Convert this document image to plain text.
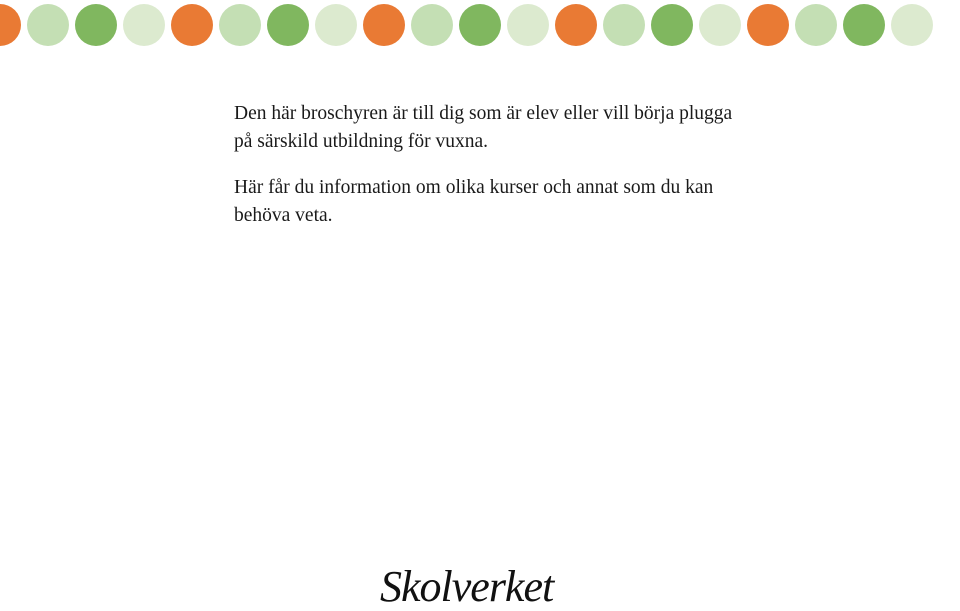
Den här broschyren är till dig som är elev eller vill börja plugga på särskild utbildning för vuxna.

Här får du information om olika kurser och annat som du kan behöva veta.

Skolverket
